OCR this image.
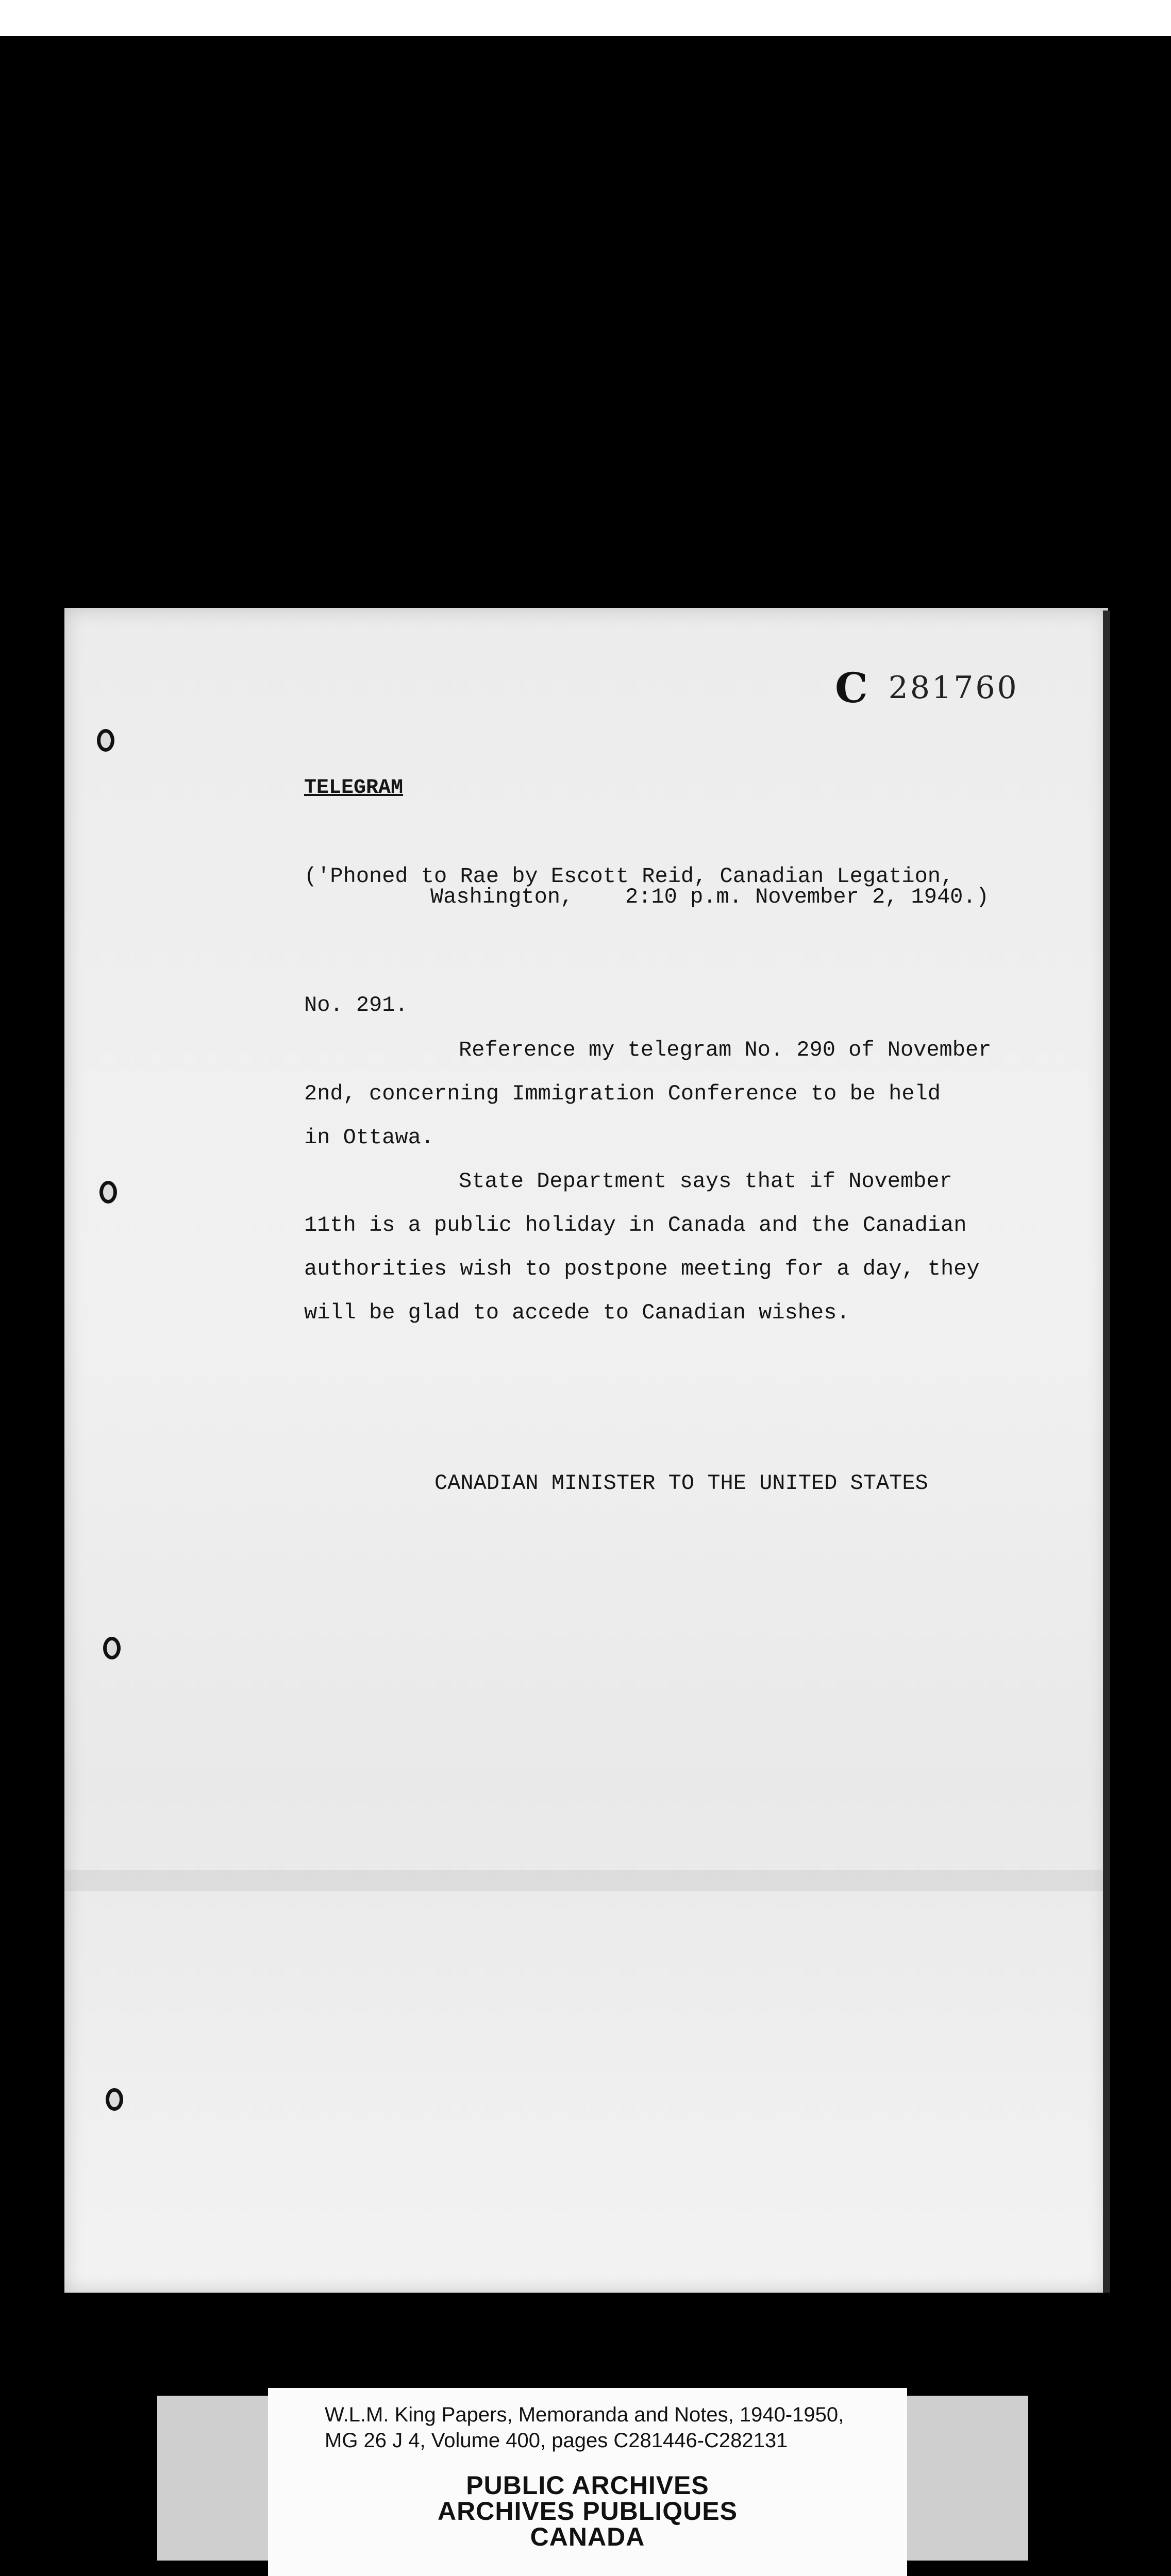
C 281760
TELEGRAM
('Phoned to Rae by Escott Reid, Canadian Legation,
Washington,    2:10 p.m. November 2, 1940.)
No. 291.
Reference my telegram No. 290 of November
2nd, concerning Immigration Conference to be held
in Ottawa.
State Department says that if November
11th is a public holiday in Canada and the Canadian
authorities wish to postpone meeting for a day, they
will be glad to accede to Canadian wishes.
CANADIAN MINISTER TO THE UNITED STATES
W.L.M. King Papers, Memoranda and Notes, 1940-1950,
MG 26 J 4, Volume 400, pages C281446-C282131
PUBLIC ARCHIVES
ARCHIVES PUBLIQUES
CANADA
